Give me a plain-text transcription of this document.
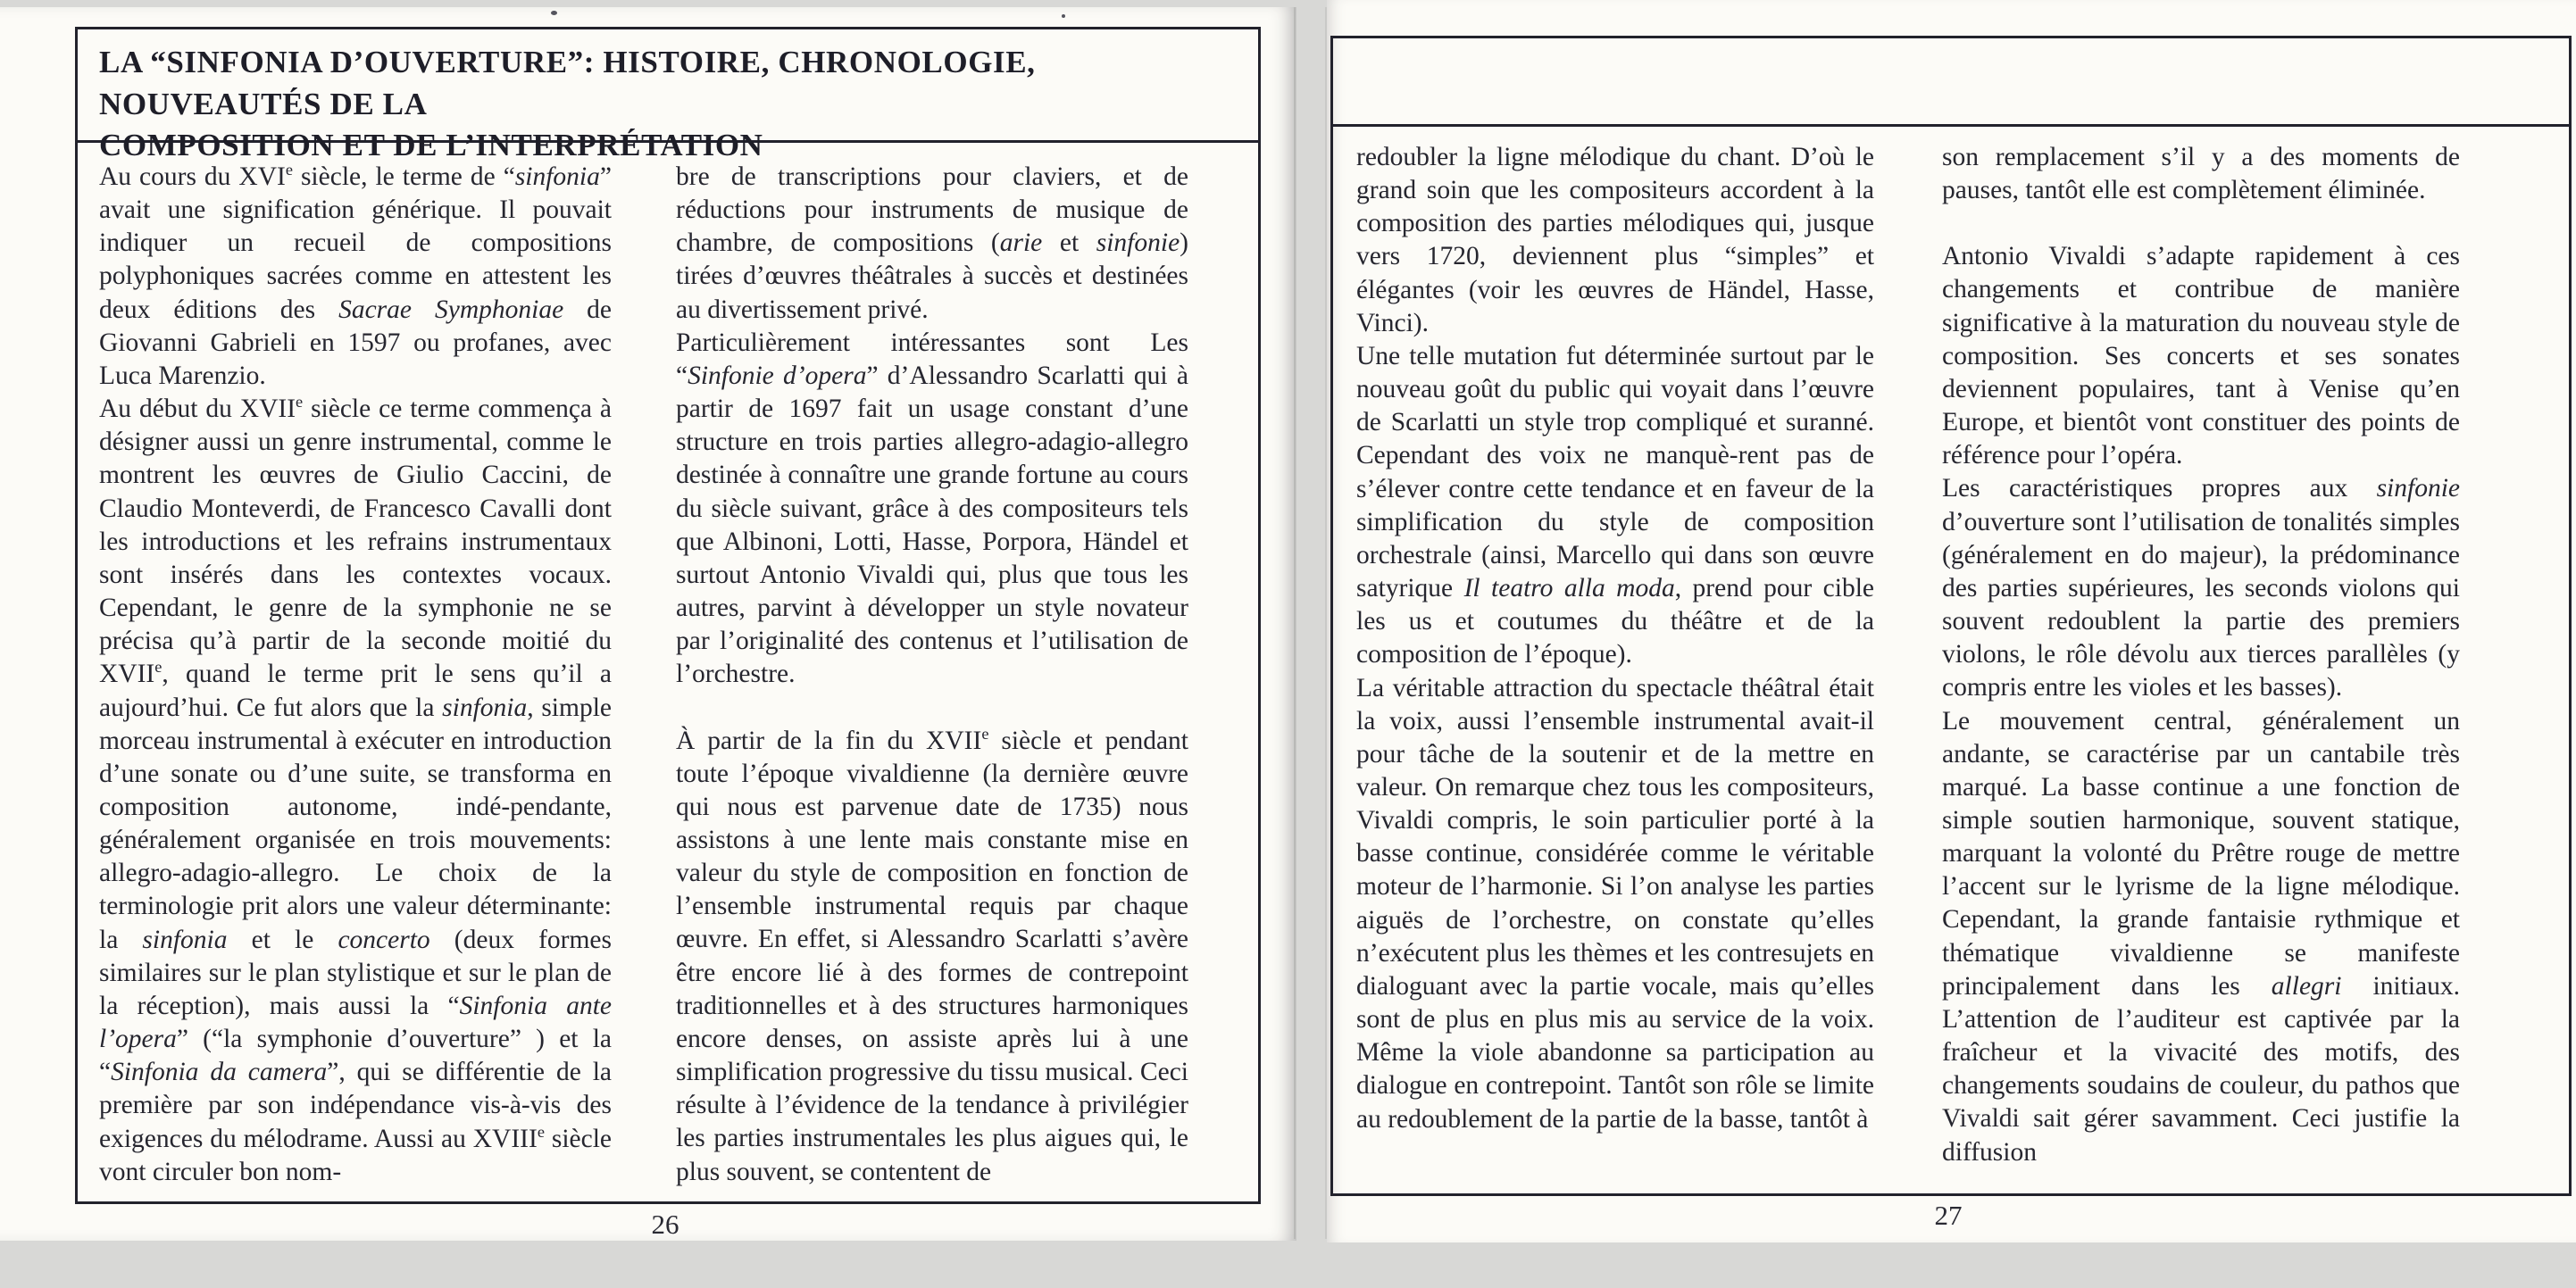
LA “SINFONIA D’OUVERTURE”: HISTOIRE, CHRONOLOGIE, NOUVEAUTÉS DE LA
COMPOSITION ET DE L’INTERPRÉTATION

Au cours du XVIe siècle, le terme de “sinfonia” avait une signification générique. Il pouvait indiquer un recueil de compositions polyphoniques sacrées comme en attestent les deux éditions des Sacrae Symphoniae de Giovanni Gabrieli en 1597 ou profanes, avec Luca Marenzio.

Au début du XVIIe siècle ce terme commença à désigner aussi un genre instrumental, comme le montrent les œuvres de Giulio Caccini, de Claudio Monteverdi, de Francesco Cavalli dont les introductions et les refrains instrumentaux sont insérés dans les contextes vocaux. Cependant, le genre de la symphonie ne se précisa qu’à partir de la seconde moitié du XVIIe, quand le terme prit le sens qu’il a aujourd’hui. Ce fut alors que la sinfonia, simple morceau instrumental à exécuter en introduction d’une sonate ou d’une suite, se transforma en composition autonome, indé-pendante, généralement organisée en trois mouvements: allegro-adagio-allegro. Le choix de la terminologie prit alors une valeur déterminante: la sinfonia et le concerto (deux formes similaires sur le plan stylistique et sur le plan de la réception), mais aussi la “Sinfonia ante l’opera” (“la symphonie d’ouverture” ) et la “Sinfonia da camera”, qui se différentie de la première par son indépendance vis-à-vis des exigences du mélodrame. Aussi au XVIIIe siècle vont circuler bon nom-

bre de transcriptions pour claviers, et de réductions pour instruments de musique de chambre, de compositions (arie et sinfonie) tirées d’œuvres théâtrales à succès et destinées au divertissement privé.

Particulièrement intéressantes sont Les “Sinfonie d’opera” d’Alessandro Scarlatti qui à partir de 1697 fait un usage constant d’une structure en trois parties allegro-adagio-allegro destinée à connaître une grande fortune au cours du siècle suivant, grâce à des compositeurs tels que Albinoni, Lotti, Hasse, Porpora, Händel et surtout Antonio Vivaldi qui, plus que tous les autres, parvint à développer un style novateur par l’originalité des contenus et l’utilisation de l’orchestre.

À partir de la fin du XVIIe siècle et pendant toute l’époque vivaldienne (la dernière œuvre qui nous est parvenue date de 1735) nous assistons à une lente mais constante mise en valeur du style de composition en fonction de l’ensemble instrumental requis par chaque œuvre. En effet, si Alessandro Scarlatti s’avère être encore lié à des formes de contrepoint traditionnelles et à des structures harmoniques encore denses, on assiste après lui à une simplification progressive du tissu musical. Ceci résulte à l’évidence de la tendance à privilégier les parties instrumentales les plus aigues qui, le plus souvent, se contentent de

redoubler la ligne mélodique du chant. D’où le grand soin que les compositeurs accordent à la composition des parties mélodiques qui, jusque vers 1720, deviennent plus “simples” et élégantes (voir les œuvres de Händel, Hasse, Vinci).

Une telle mutation fut déterminée surtout par le nouveau goût du public qui voyait dans l’œuvre de Scarlatti un style trop compliqué et suranné. Cependant des voix ne manquè-rent pas de s’élever contre cette tendance et en faveur de la simplification du style de composition orchestrale (ainsi, Marcello qui dans son œuvre satyrique Il teatro alla moda, prend pour cible les us et coutumes du théâtre et de la composition de l’époque).

La véritable attraction du spectacle théâtral était la voix, aussi l’ensemble instrumental avait-il pour tâche de la soutenir et de la mettre en valeur. On remarque chez tous les compositeurs, Vivaldi compris, le soin particulier porté à la basse continue, considérée comme le véritable moteur de l’harmonie. Si l’on analyse les parties aiguës de l’orchestre, on constate qu’elles n’exécutent plus les thèmes et les contresujets en dialoguant avec la partie vocale, mais qu’elles sont de plus en plus mis au service de la voix. Même la viole abandonne sa participation au dialogue en contrepoint. Tantôt son rôle se limite au redoublement de la partie de la basse, tantôt à

son remplacement s’il y a des moments de pauses, tantôt elle est complètement éliminée.

Antonio Vivaldi s’adapte rapidement à ces changements et contribue de manière significative à la maturation du nouveau style de composition. Ses concerts et ses sonates deviennent populaires, tant à Venise qu’en Europe, et bientôt vont constituer des points de référence pour l’opéra.

Les caractéristiques propres aux sinfonie d’ouverture sont l’utilisation de tonalités simples (généralement en do majeur), la prédominance des parties supérieures, les seconds violons qui souvent redoublent la partie des premiers violons, le rôle dévolu aux tierces parallèles (y compris entre les violes et les basses).

Le mouvement central, généralement un andante, se caractérise par un cantabile très marqué. La basse continue a une fonction de simple soutien harmonique, souvent statique, marquant la volonté du Prêtre rouge de mettre l’accent sur le lyrisme de la ligne mélodique. Cependant, la grande fantaisie rythmique et thématique vivaldienne se manifeste principalement dans les allegri initiaux. L’attention de l’auditeur est captivée par la fraîcheur et la vivacité des motifs, des changements soudains de couleur, du pathos que Vivaldi sait gérer savamment. Ceci justifie la diffusion

26	27
